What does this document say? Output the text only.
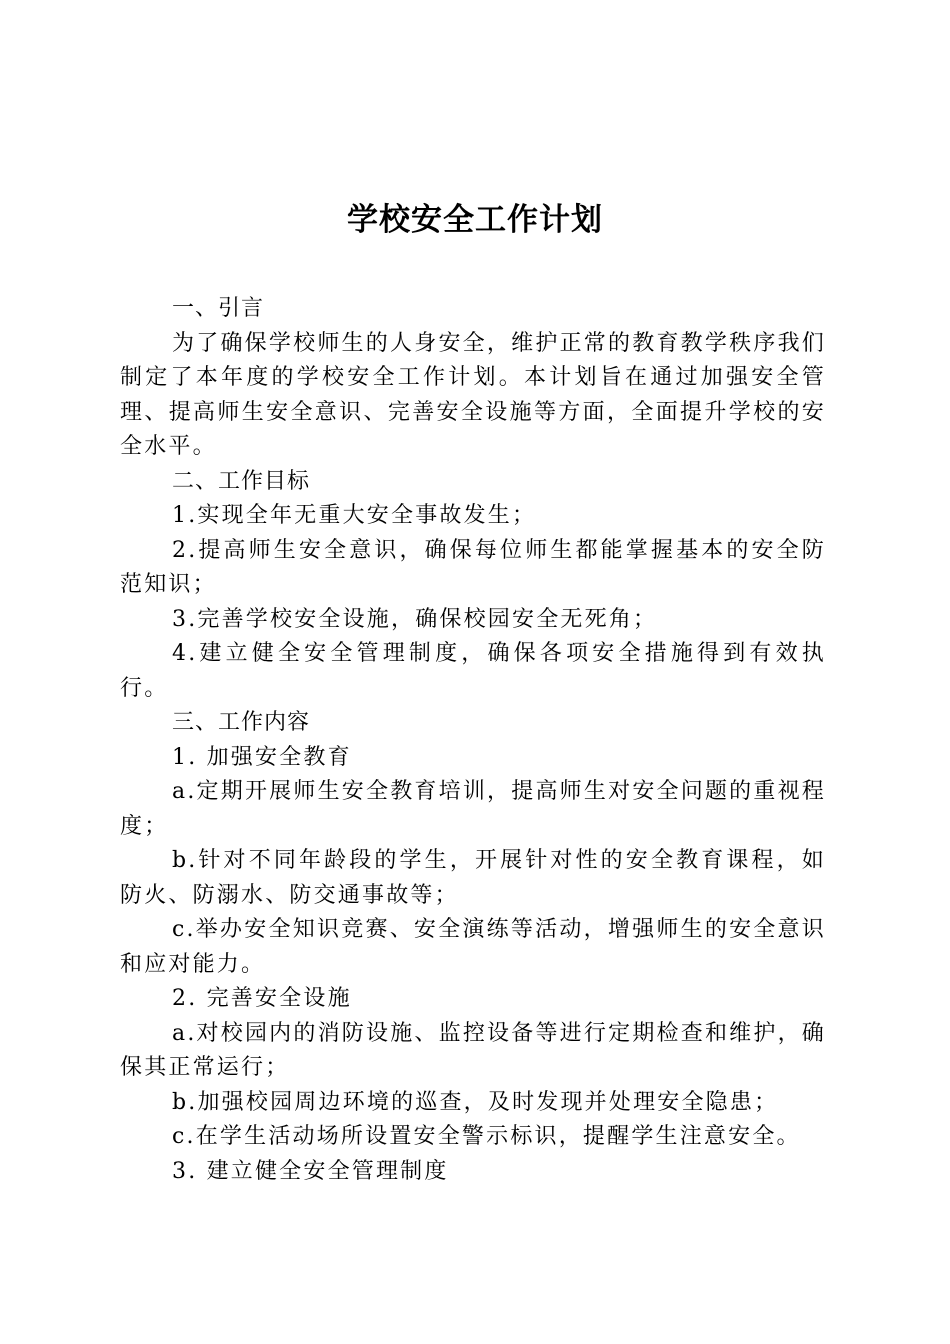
学校安全工作计划

一、引言

为了确保学校师生的人身安全，维护正常的教育教学秩序我们制定了本年度的学校安全工作计划。本计划旨在通过加强安全管理、提高师生安全意识、完善安全设施等方面，全面提升学校的安全水平。

二、工作目标

1.实现全年无重大安全事故发生；

2.提高师生安全意识，确保每位师生都能掌握基本的安全防范知识；

3.完善学校安全设施，确保校园安全无死角；

4.建立健全安全管理制度，确保各项安全措施得到有效执行。

三、工作内容

1. 加强安全教育

a.定期开展师生安全教育培训，提高师生对安全问题的重视程度；

b.针对不同年龄段的学生，开展针对性的安全教育课程，如防火、防溺水、防交通事故等；

c.举办安全知识竞赛、安全演练等活动，增强师生的安全意识和应对能力。

2. 完善安全设施

a.对校园内的消防设施、监控设备等进行定期检查和维护，确保其正常运行；

b.加强校园周边环境的巡查，及时发现并处理安全隐患；

c.在学生活动场所设置安全警示标识，提醒学生注意安全。

3. 建立健全安全管理制度
